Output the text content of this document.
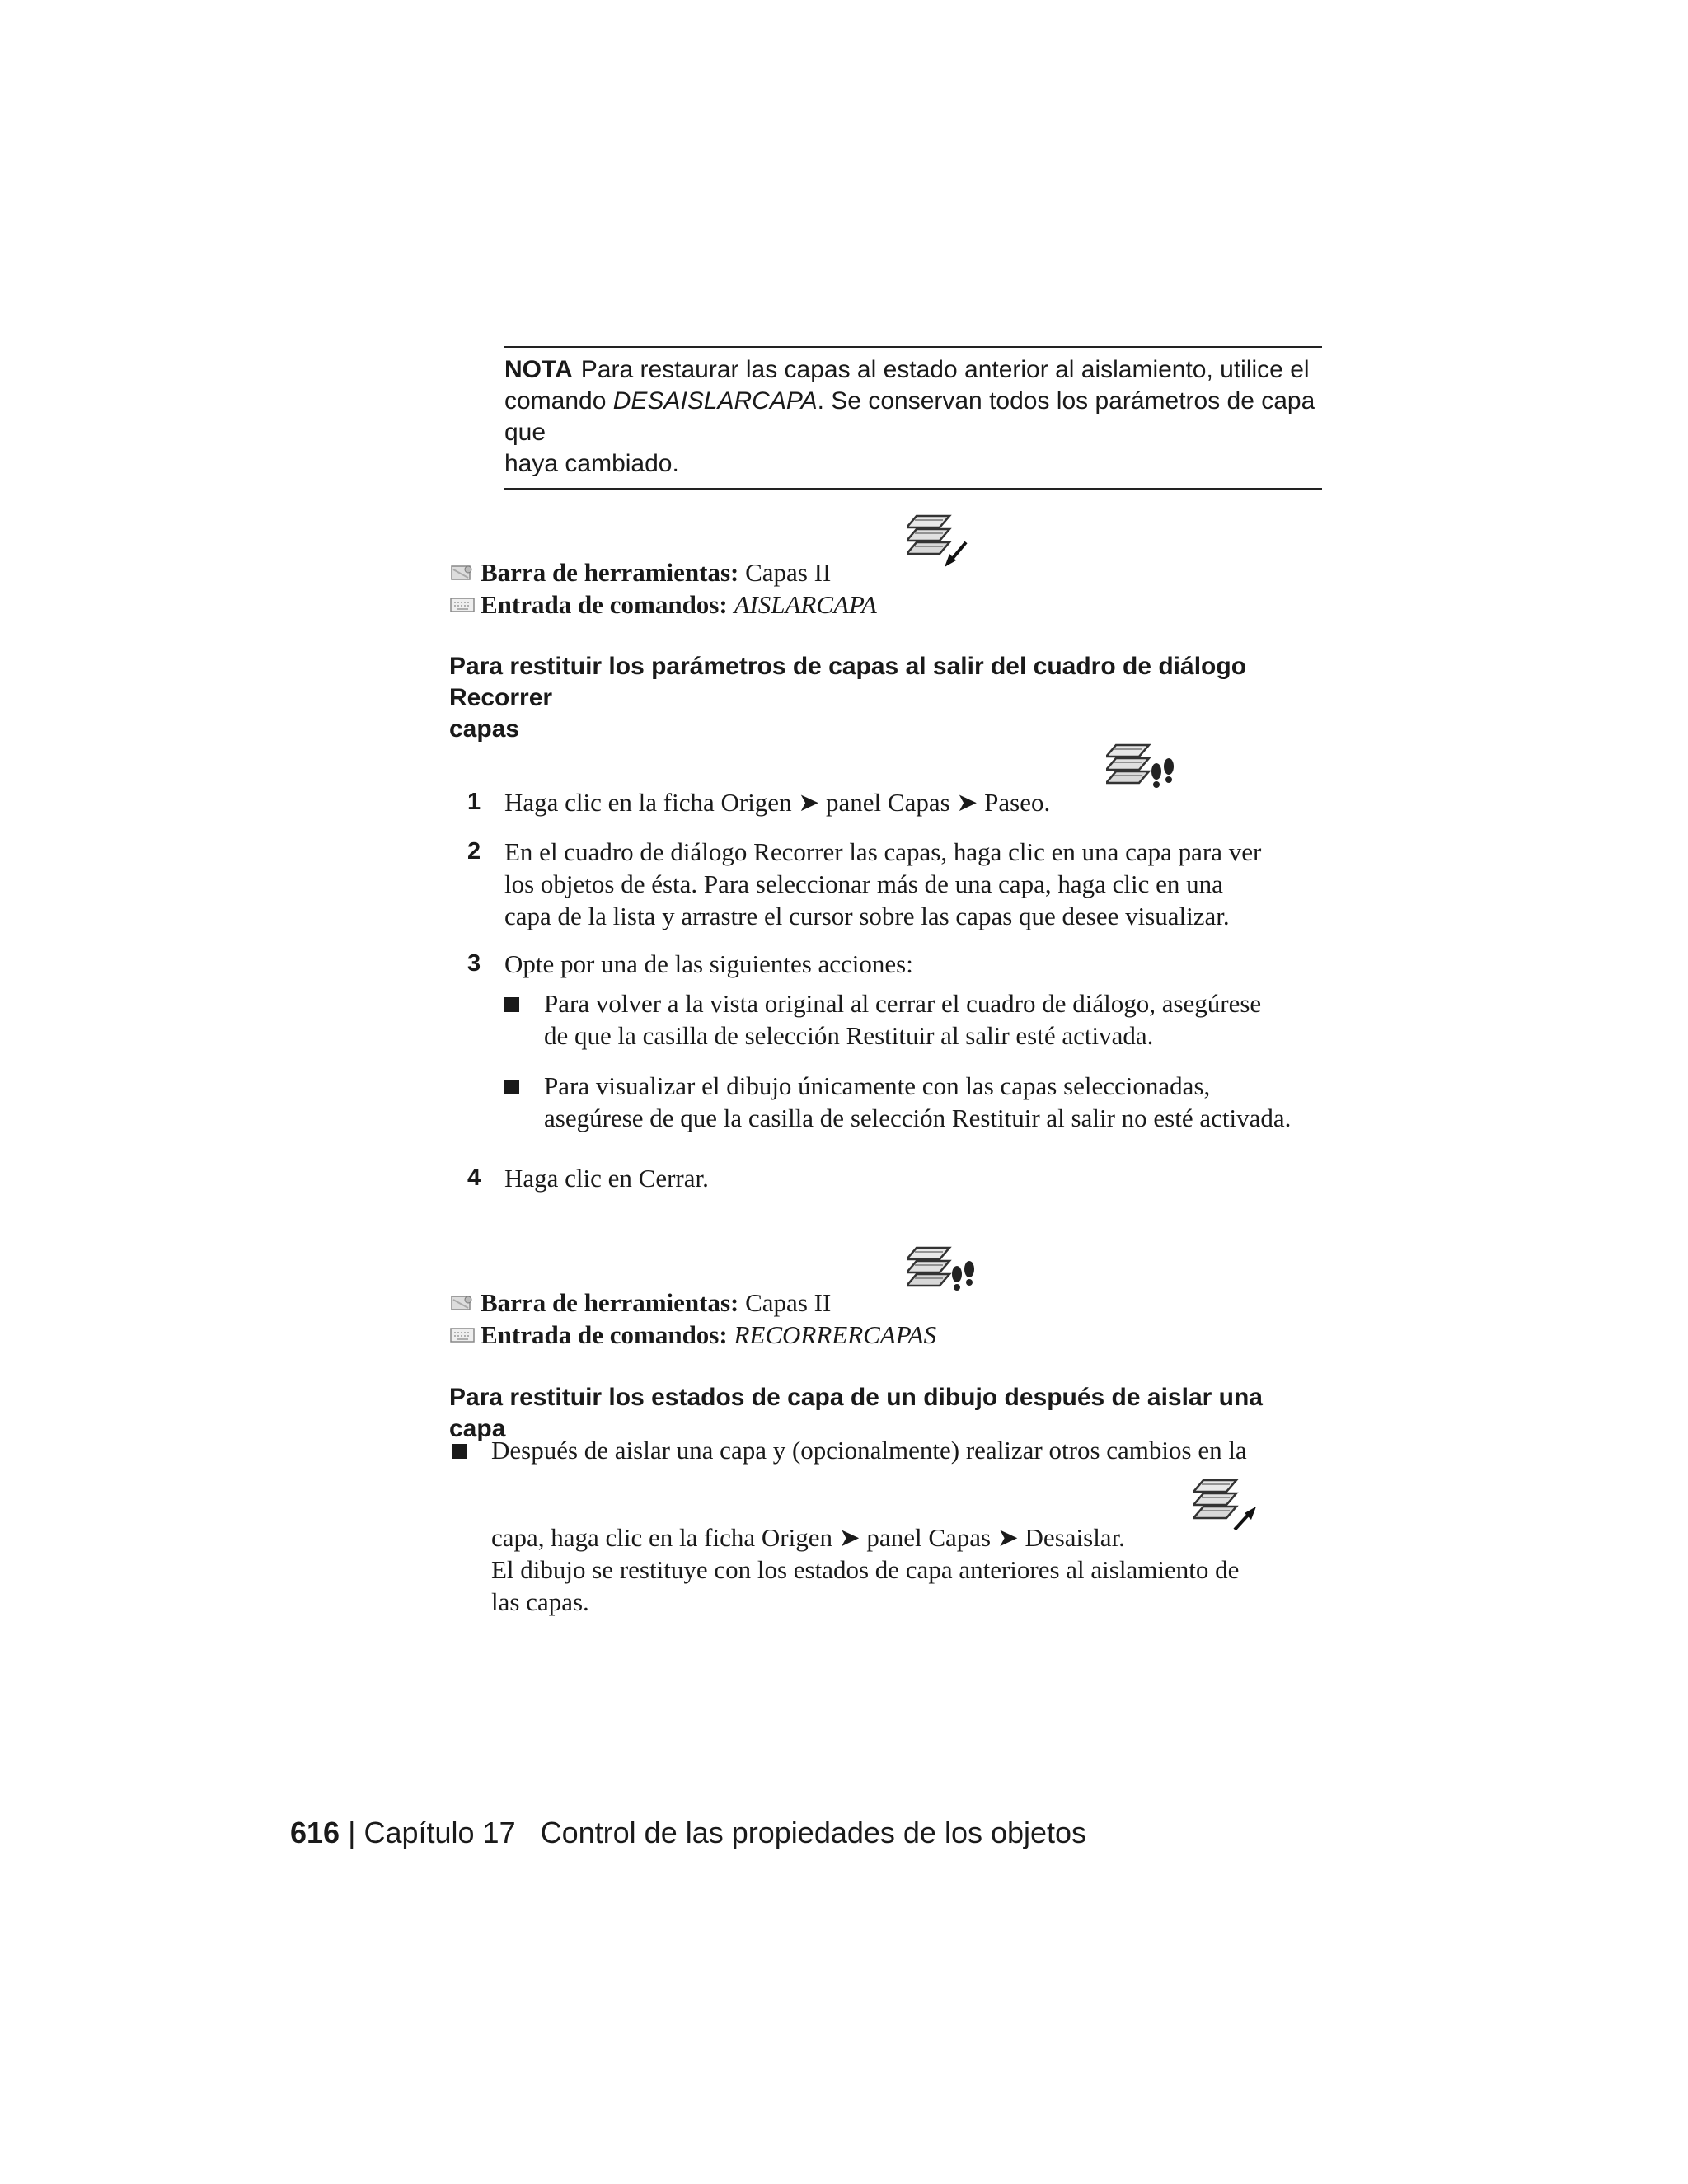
NOTA Para restaurar las capas al estado anterior al aislamiento, utilice el
comando DESAISLARCAPA. Se conservan todos los parámetros de capa que
haya cambiado.
Barra de herramientas: Capas II
Entrada de comandos: AISLARCAPA
Para restituir los parámetros de capas al salir del cuadro de diálogo Recorrer
capas
1 Haga clic en la ficha Origen ➤ panel Capas ➤ Paseo.
2 En el cuadro de diálogo Recorrer las capas, haga clic en una capa para ver
los objetos de ésta. Para seleccionar más de una capa, haga clic en una
capa de la lista y arrastre el cursor sobre las capas que desee visualizar.
3 Opte por una de las siguientes acciones:
Para volver a la vista original al cerrar el cuadro de diálogo, asegúrese
de que la casilla de selección Restituir al salir esté activada.
Para visualizar el dibujo únicamente con las capas seleccionadas,
asegúrese de que la casilla de selección Restituir al salir no esté activada.
4 Haga clic en Cerrar.
Barra de herramientas: Capas II
Entrada de comandos: RECORRERCAPAS
Para restituir los estados de capa de un dibujo después de aislar una capa
Después de aislar una capa y (opcionalmente) realizar otros cambios en la
capa, haga clic en la ficha Origen ➤ panel Capas ➤ Desaislar.
El dibujo se restituye con los estados de capa anteriores al aislamiento de
las capas.
616 | Capítulo 17 Control de las propiedades de los objetos
